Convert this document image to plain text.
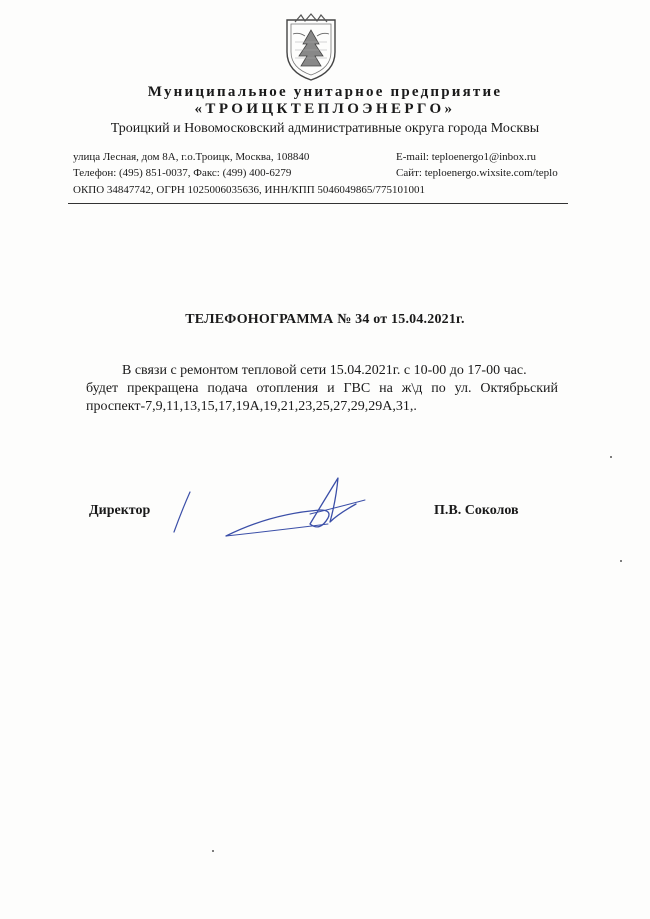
Муниципальное унитарное предприятие
«ТРОИЦКТЕПЛОЭНЕРГО»
Троицкий и Новомосковский административные округа города Москвы
улица Лесная, дом 8А, г.о.Троицк, Москва, 108840	E-mail: teploenergo1@inbox.ru
Телефон: (495) 851-0037, Факс: (499) 400-6279	Сайт: teploenergo.wixsite.com/teplo
ОКПО 34847742, ОГРН 1025006035636, ИНН/КПП 5046049865/775101001
ТЕЛЕФОНОГРАММА № 34 от 15.04.2021г.
В связи с ремонтом тепловой сети 15.04.2021г. с 10-00 до 17-00 час.
будет прекращена подача отопления и ГВС на ж\д по ул. Октябрьский
проспект-7,9,11,13,15,17,19А,19,21,23,25,27,29,29А,31,.
Директор	П.В. Соколов
